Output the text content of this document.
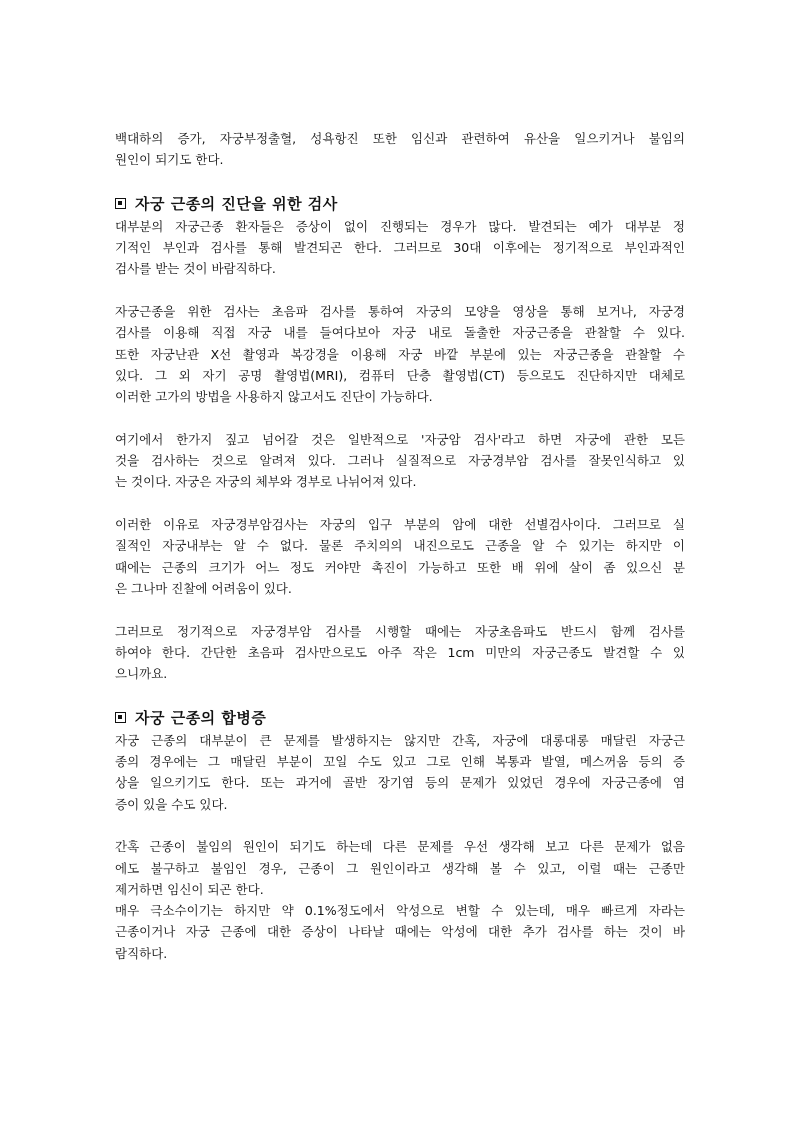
백대하의 증가, 자궁부정출혈, 성욕항진 또한 임신과 관련하여 유산을 일으키거나 불임의
원인이 되기도 한다.

자궁 근종의 진단을 위한 검사

대부분의 자궁근종 환자들은 증상이 없이 진행되는 경우가 많다. 발견되는 예가 대부분 정
기적인 부인과 검사를 통해 발견되곤 한다. 그러므로 30대 이후에는 정기적으로 부인과적인
검사를 받는 것이 바람직하다.

자궁근종을 위한 검사는 초음파 검사를 통하여 자궁의 모양을 영상을 통해 보거나, 자궁경
검사를 이용해 직접 자궁 내를 들여다보아 자궁 내로 돌출한 자궁근종을 관찰할 수 있다.
또한 자궁난관 X선 촬영과 복강경을 이용해 자궁 바깥 부분에 있는 자궁근종을 관찰할 수
있다. 그 외 자기 공명 촬영법(MRI), 컴퓨터 단층 촬영법(CT) 등으로도 진단하지만 대체로
이러한 고가의 방법을 사용하지 않고서도 진단이 가능하다.

여기에서 한가지 짚고 넘어갈 것은 일반적으로 '자궁암 검사'라고 하면 자궁에 관한 모든
것을 검사하는 것으로 알려져 있다. 그러나 실질적으로 자궁경부암 검사를 잘못인식하고 있
는 것이다. 자궁은 자궁의 체부와 경부로 나뉘어져 있다.

이러한 이유로 자궁경부암검사는 자궁의 입구 부분의 암에 대한 선별검사이다. 그러므로 실
질적인 자궁내부는 알 수 없다. 물론 주치의의 내진으로도 근종을 알 수 있기는 하지만 이
때에는 근종의 크기가 어느 정도 커야만 촉진이 가능하고 또한 배 위에 살이 좀 있으신 분
은 그나마 진찰에 어려움이 있다.

그러므로 정기적으로 자궁경부암 검사를 시행할 때에는 자궁초음파도 반드시 함께 검사를
하여야 한다. 간단한 초음파 검사만으로도 아주 작은 1cm 미만의 자궁근종도 발견할 수 있
으니까요.

자궁 근종의 합병증

자궁 근종의 대부분이 큰 문제를 발생하지는 않지만 간혹, 자궁에 대롱대롱 매달린 자궁근
종의 경우에는 그 매달린 부분이 꼬일 수도 있고 그로 인해 복통과 발열, 메스꺼움 등의 증
상을 일으키기도 한다. 또는 과거에 골반 장기염 등의 문제가 있었던 경우에 자궁근종에 염
증이 있을 수도 있다.

간혹 근종이 불임의 원인이 되기도 하는데 다른 문제를 우선 생각해 보고 다른 문제가 없음
에도 불구하고 불임인 경우, 근종이 그 원인이라고 생각해 볼 수 있고, 이럴 때는 근종만
제거하면 임신이 되곤 한다.

매우 극소수이기는 하지만 약 0.1%정도에서 악성으로 변할 수 있는데, 매우 빠르게 자라는
근종이거나 자궁 근종에 대한 증상이 나타날 때에는 악성에 대한 추가 검사를 하는 것이 바
람직하다.
